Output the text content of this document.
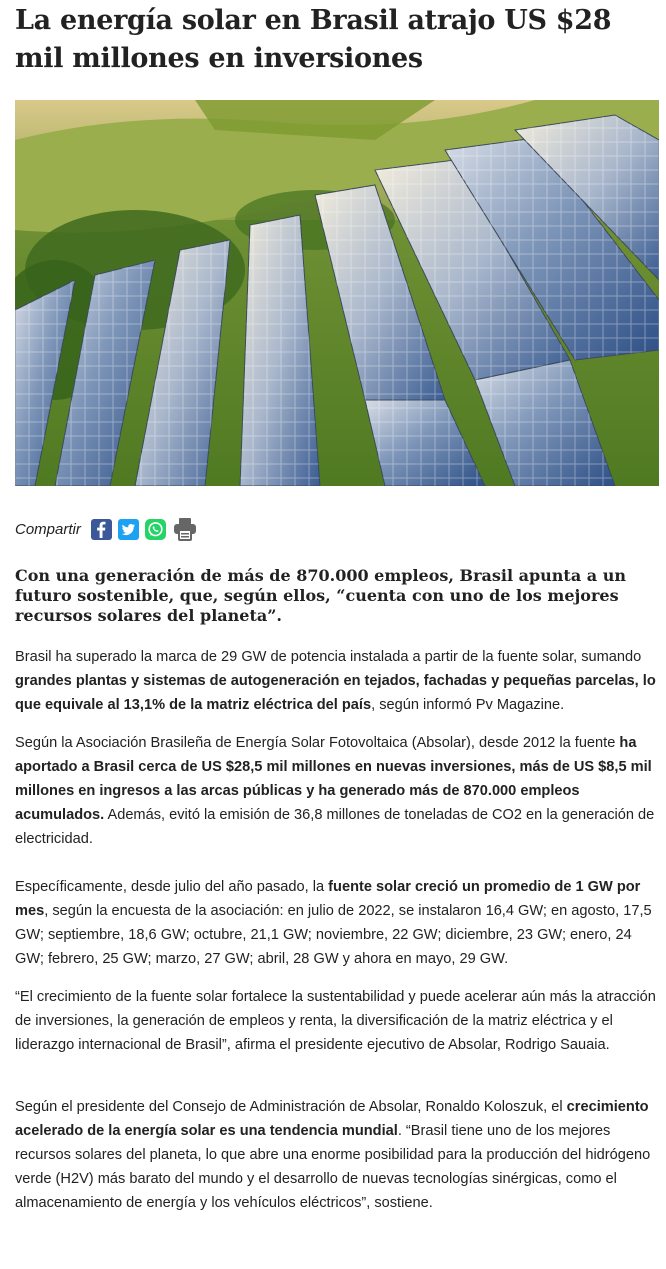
La energía solar en Brasil atrajo US $28 mil millones en inversiones
Compartir

Con una generación de más de 870.000 empleos, Brasil apunta a un futuro sostenible, que, según ellos, “cuenta con uno de los mejores recursos solares del planeta”.

Brasil ha superado la marca de 29 GW de potencia instalada a partir de la fuente solar, sumando grandes plantas y sistemas de autogeneración en tejados, fachadas y pequeñas parcelas, lo que equivale al 13,1% de la matriz eléctrica del país, según informó Pv Magazine.

Según la Asociación Brasileña de Energía Solar Fotovoltaica (Absolar), desde 2012 la fuente ha aportado a Brasil cerca de US $28,5 mil millones en nuevas inversiones, más de US $8,5 mil millones en ingresos a las arcas públicas y ha generado más de 870.000 empleos acumulados. Además, evitó la emisión de 36,8 millones de toneladas de CO2 en la generación de electricidad.

Específicamente, desde julio del año pasado, la fuente solar creció un promedio de 1 GW por mes, según la encuesta de la asociación: en julio de 2022, se instalaron 16,4 GW; en agosto, 17,5 GW; septiembre, 18,6 GW; octubre, 21,1 GW; noviembre, 22 GW; diciembre, 23 GW; enero, 24 GW; febrero, 25 GW; marzo, 27 GW; abril, 28 GW y ahora en mayo, 29 GW.

“El crecimiento de la fuente solar fortalece la sustentabilidad y puede acelerar aún más la atracción de inversiones, la generación de empleos y renta, la diversificación de la matriz eléctrica y el liderazgo internacional de Brasil”, afirma el presidente ejecutivo de Absolar, Rodrigo Sauaia.

Según el presidente del Consejo de Administración de Absolar, Ronaldo Koloszuk, el crecimiento acelerado de la energía solar es una tendencia mundial. “Brasil tiene uno de los mejores recursos solares del planeta, lo que abre una enorme posibilidad para la producción del hidrógeno verde (H2V) más barato del mundo y el desarrollo de nuevas tecnologías sinérgicas, como el almacenamiento de energía y los vehículos eléctricos”, sostiene.
